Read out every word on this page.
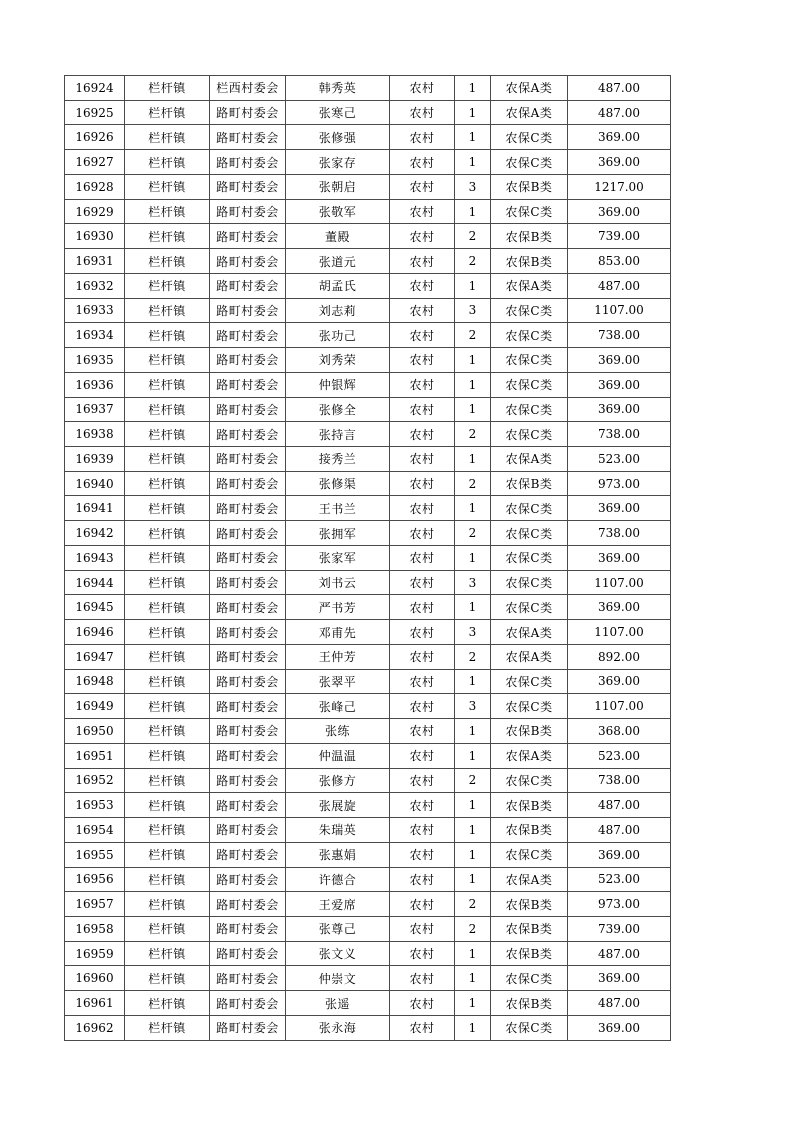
16924	栏杆镇	栏西村委会	韩秀英	农村	1	农保A类	487.00
16925	栏杆镇	路町村委会	张寒己	农村	1	农保A类	487.00
16926	栏杆镇	路町村委会	张修强	农村	1	农保C类	369.00
16927	栏杆镇	路町村委会	张家存	农村	1	农保C类	369.00
16928	栏杆镇	路町村委会	张朝启	农村	3	农保B类	1217.00
16929	栏杆镇	路町村委会	张敬军	农村	1	农保C类	369.00
16930	栏杆镇	路町村委会	董殿	农村	2	农保B类	739.00
16931	栏杆镇	路町村委会	张道元	农村	2	农保B类	853.00
16932	栏杆镇	路町村委会	胡孟氏	农村	1	农保A类	487.00
16933	栏杆镇	路町村委会	刘志莉	农村	3	农保C类	1107.00
16934	栏杆镇	路町村委会	张功己	农村	2	农保C类	738.00
16935	栏杆镇	路町村委会	刘秀荣	农村	1	农保C类	369.00
16936	栏杆镇	路町村委会	仲银辉	农村	1	农保C类	369.00
16937	栏杆镇	路町村委会	张修全	农村	1	农保C类	369.00
16938	栏杆镇	路町村委会	张持言	农村	2	农保C类	738.00
16939	栏杆镇	路町村委会	接秀兰	农村	1	农保A类	523.00
16940	栏杆镇	路町村委会	张修渠	农村	2	农保B类	973.00
16941	栏杆镇	路町村委会	王书兰	农村	1	农保C类	369.00
16942	栏杆镇	路町村委会	张拥军	农村	2	农保C类	738.00
16943	栏杆镇	路町村委会	张家军	农村	1	农保C类	369.00
16944	栏杆镇	路町村委会	刘书云	农村	3	农保C类	1107.00
16945	栏杆镇	路町村委会	严书芳	农村	1	农保C类	369.00
16946	栏杆镇	路町村委会	邓甫先	农村	3	农保A类	1107.00
16947	栏杆镇	路町村委会	王仲芳	农村	2	农保A类	892.00
16948	栏杆镇	路町村委会	张翠平	农村	1	农保C类	369.00
16949	栏杆镇	路町村委会	张峰己	农村	3	农保C类	1107.00
16950	栏杆镇	路町村委会	张练	农村	1	农保B类	368.00
16951	栏杆镇	路町村委会	仲温温	农村	1	农保A类	523.00
16952	栏杆镇	路町村委会	张修方	农村	2	农保C类	738.00
16953	栏杆镇	路町村委会	张展旋	农村	1	农保B类	487.00
16954	栏杆镇	路町村委会	朱瑞英	农村	1	农保B类	487.00
16955	栏杆镇	路町村委会	张惠娟	农村	1	农保C类	369.00
16956	栏杆镇	路町村委会	许德合	农村	1	农保A类	523.00
16957	栏杆镇	路町村委会	王爱席	农村	2	农保B类	973.00
16958	栏杆镇	路町村委会	张尊己	农村	2	农保B类	739.00
16959	栏杆镇	路町村委会	张文义	农村	1	农保B类	487.00
16960	栏杆镇	路町村委会	仲崇文	农村	1	农保C类	369.00
16961	栏杆镇	路町村委会	张遥	农村	1	农保B类	487.00
16962	栏杆镇	路町村委会	张永海	农村	1	农保C类	369.00
